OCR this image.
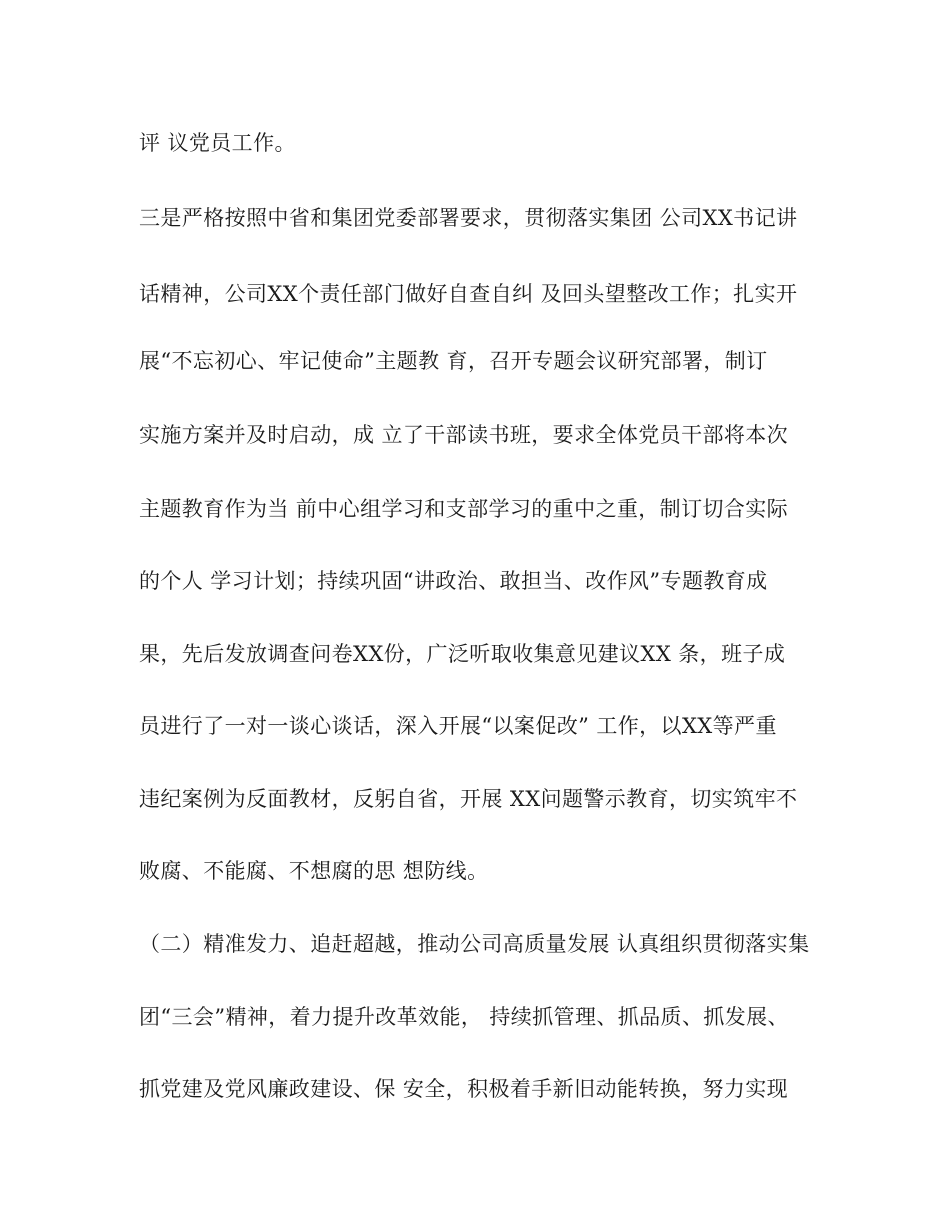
评 议党员工作。
三是严格按照中省和集团党委部署要求，贯彻落实集团 公司XX书记讲
话精神，公司XX个责任部门做好自查自纠 及回头望整改工作；扎实开
展“不忘初心、牢记使命”主题教 育，召开专题会议研究部署，制订
实施方案并及时启动，成 立了干部读书班，要求全体党员干部将本次
主题教育作为当 前中心组学习和支部学习的重中之重，制订切合实际
的个人 学习计划；持续巩固“讲政治、敢担当、改作风”专题教育成
果，先后发放调查问卷XX份，广泛听取收集意见建议XX 条，班子成
员进行了一对一谈心谈话，深入开展“以案促改” 工作，以XX等严重
违纪案例为反面教材，反躬自省，开展 XX问题警示教育，切实筑牢不
败腐、不能腐、不想腐的思 想防线。
（二）精准发力、追赶超越，推动公司高质量发展 认真组织贯彻落实集
团“三会”精神，着力提升改革效能， 持续抓管理、抓品质、抓发展、
抓党建及党风廉政建设、保 安全，积极着手新旧动能转换，努力实现
